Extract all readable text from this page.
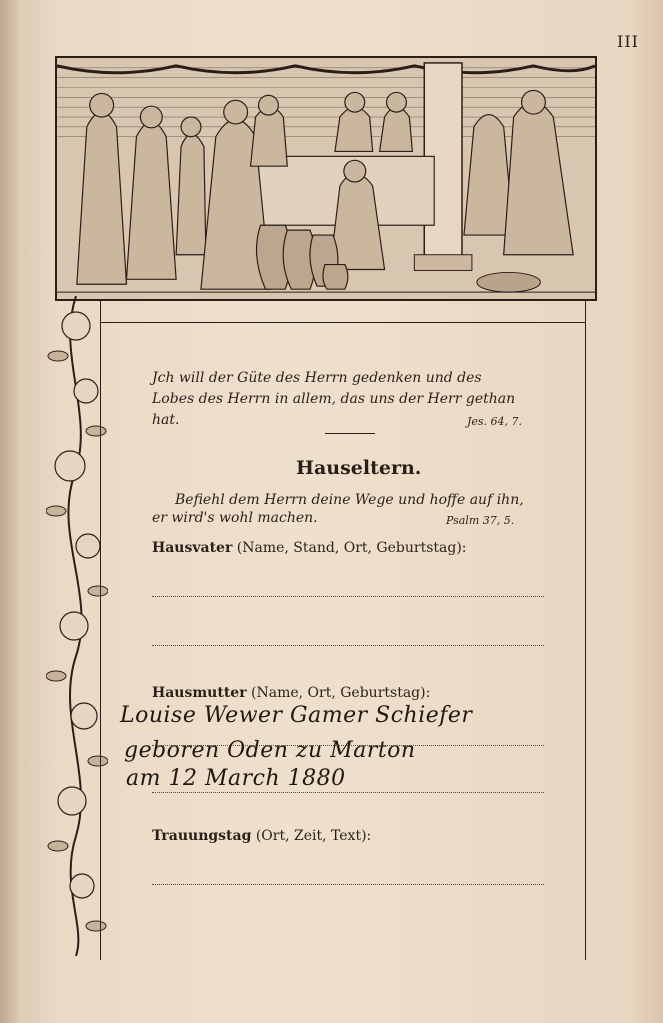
III
Jch will der Güte des Herrn gedenken und des
Lobes des Herrn in allem, das uns der Herr gethan
hat.	Jes. 64, 7.
Hauseltern.
Befiehl dem Herrn deine Wege und hoffe auf ihn,
er wird's wohl machen.	Psalm 37, 5.
Hausvater (Name, Stand, Ort, Geburtstag):
Hausmutter (Name, Ort, Geburtstag):
Louise Wewer Gamer Schiefer
geboren Oden zu Marton
am 12 March 1880
Trauungstag (Ort, Zeit, Text):
